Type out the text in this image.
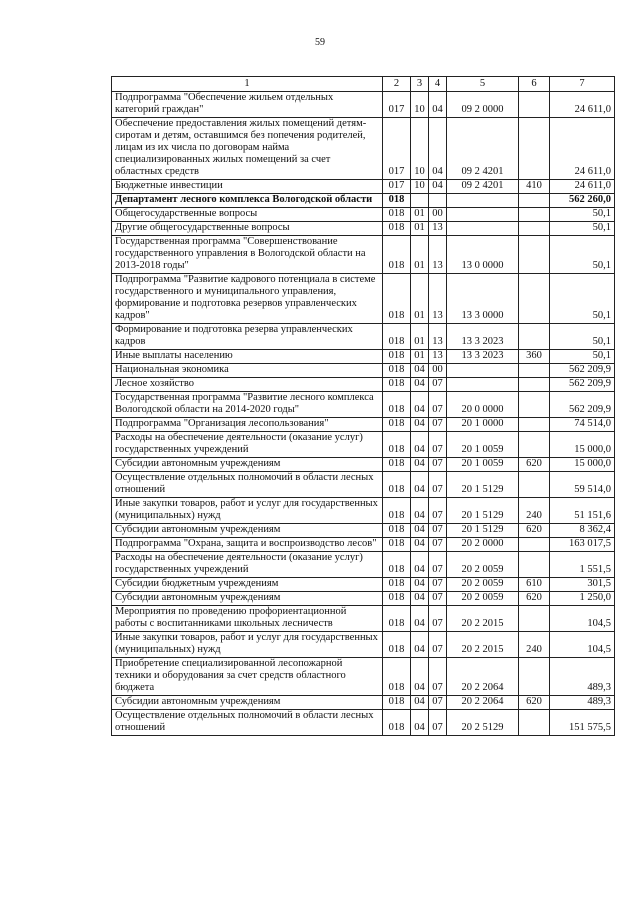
59
1	2	3	4	5	6	7
Подпрограмма "Обеспечение жильем отдельных категорий граждан"	017	10	04	09 2 0000		24 611,0
Обеспечение предоставления жилых помещений детям-сиротам и детям, оставшимся без попечения родителей, лицам из их числа по договорам найма специализированных жилых помещений за счет областных средств	017	10	04	09 2 4201		24 611,0
Бюджетные инвестиции	017	10	04	09 2 4201	410	24 611,0
Департамент лесного комплекса Вологодской области	018					562 260,0
Общегосударственные вопросы	018	01	00			50,1
Другие общегосударственные вопросы	018	01	13			50,1
Государственная программа "Совершенствование государственного управления в Вологодской области на 2013-2018 годы"	018	01	13	13 0 0000		50,1
Подпрограмма "Развитие кадрового потенциала в системе государственного и муниципального управления, формирование и подготовка резервов управленческих кадров"	018	01	13	13 3 0000		50,1
Формирование и подготовка резерва управленческих кадров	018	01	13	13 3 2023		50,1
Иные выплаты населению	018	01	13	13 3 2023	360	50,1
Национальная экономика	018	04	00			562 209,9
Лесное хозяйство	018	04	07			562 209,9
Государственная программа "Развитие лесного комплекса Вологодской области на 2014-2020 годы"	018	04	07	20 0 0000		562 209,9
Подпрограмма "Организация лесопользования"	018	04	07	20 1 0000		74 514,0
Расходы на обеспечение деятельности (оказание услуг) государственных учреждений	018	04	07	20 1 0059		15 000,0
Субсидии автономным учреждениям	018	04	07	20 1 0059	620	15 000,0
Осуществление отдельных полномочий в области лесных отношений	018	04	07	20 1 5129		59 514,0
Иные закупки товаров, работ и услуг для государственных (муниципальных) нужд	018	04	07	20 1 5129	240	51 151,6
Субсидии автономным учреждениям	018	04	07	20 1 5129	620	8 362,4
Подпрограмма "Охрана, защита и воспроизводство лесов"	018	04	07	20 2 0000		163 017,5
Расходы на обеспечение деятельности (оказание услуг) государственных учреждений	018	04	07	20 2 0059		1 551,5
Субсидии бюджетным учреждениям	018	04	07	20 2 0059	610	301,5
Субсидии автономным учреждениям	018	04	07	20 2 0059	620	1 250,0
Мероприятия по проведению профориентационной работы с воспитанниками школьных лесничеств	018	04	07	20 2 2015		104,5
Иные закупки товаров, работ и услуг для государственных (муниципальных) нужд	018	04	07	20 2 2015	240	104,5
Приобретение специализированной лесопожарной техники и оборудования за счет средств областного бюджета	018	04	07	20 2 2064		489,3
Субсидии автономным учреждениям	018	04	07	20 2 2064	620	489,3
Осуществление отдельных полномочий в области лесных отношений	018	04	07	20 2 5129		151 575,5
